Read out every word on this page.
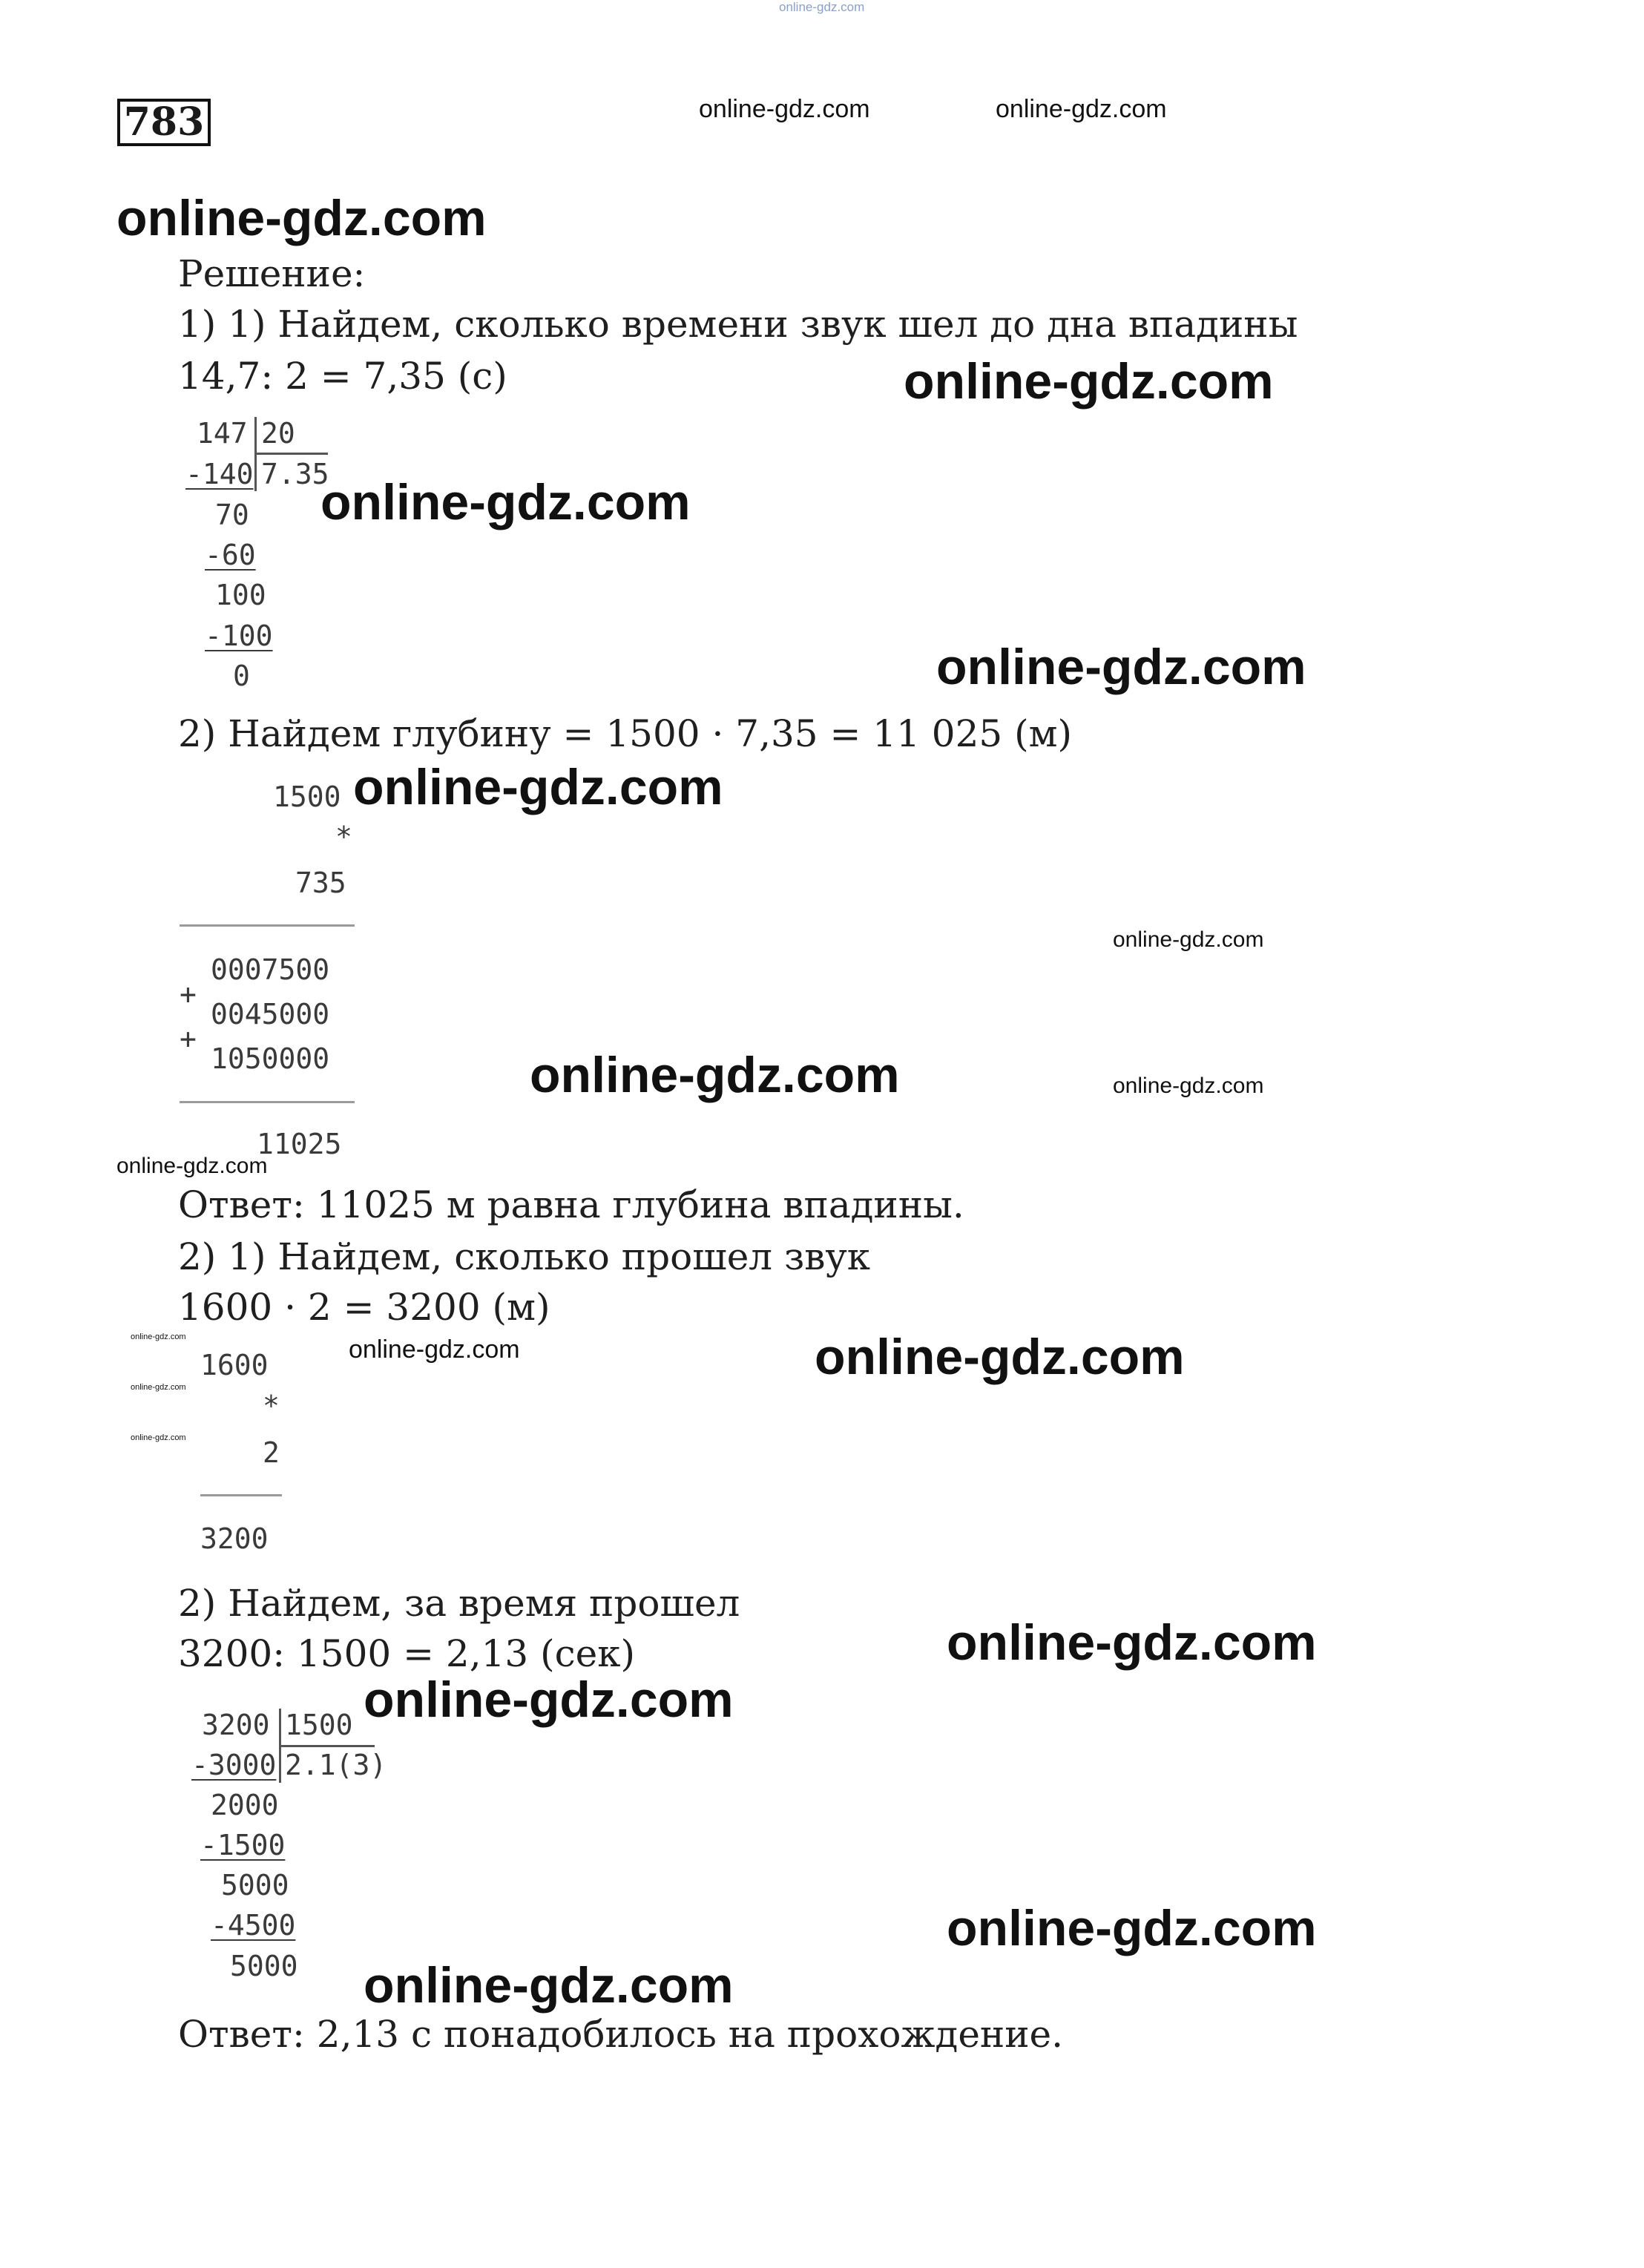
online-gdz.com
783	online-gdz.com	online-gdz.com
online-gdz.com
online-gdz.com
online-gdz.com
online-gdz.com
online-gdz.com
online-gdz.com
online-gdz.com	online-gdz.com
online-gdz.com
online-gdz.com
online-gdz.com
online-gdz.com
online-gdz.com	online-gdz.com
online-gdz.com
online-gdz.com
online-gdz.com
online-gdz.com
Решение:
1) 1) Найдем, сколько времени звук шел до дна впадины
14,7: 2 = 7,35 (с)
147 20
7.35
-140
70
-60
100
-100
0
2) Найдем глубину = 1500 · 7,35 = 11 025 (м)
1500
*
735
0007500
+
0045000
+
1050000
11025
Ответ: 11025 м равна глубина впадины.
2) 1) Найдем, сколько прошел звук
1600 · 2 = 3200 (м)
1600
*
2
3200
2) Найдем, за время прошел
3200: 1500 = 2,13 (сек)
3200 1500
2.1(3)
-3000
2000
-1500
5000
-4500
5000
Ответ: 2,13 с понадобилось на прохождение.
